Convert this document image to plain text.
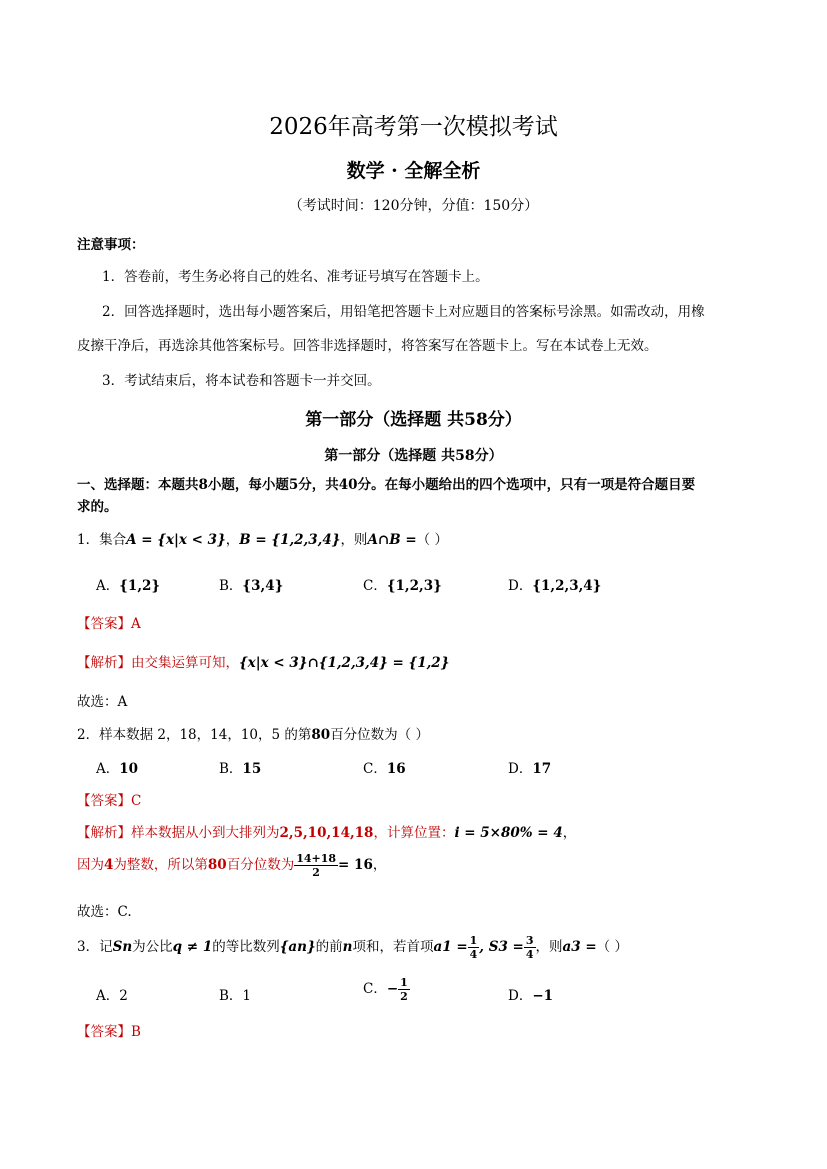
2026年高考第一次模拟考试
数学 · 全解全析
（考试时间：120分钟，分值：150分）
注意事项：
1．答卷前，考生务必将自己的姓名、准考证号填写在答题卡上。
2．回答选择题时，选出每小题答案后，用铅笔把答题卡上对应题目的答案标号涂黑。如需改动，用橡
皮擦干净后，再选涂其他答案标号。回答非选择题时，将答案写在答题卡上。写在本试卷上无效。
3．考试结束后，将本试卷和答题卡一并交回。
第一部分（选择题 共58分）
第一部分（选择题 共58分）
一、选择题：本题共8小题，每小题5分，共40分。在每小题给出的四个选项中，只有一项是符合题目要
求的。
1．集合A = {x|x < 3}，B = {1,2,3,4}，则A∩B =（ ）
A．{1,2}	B．{3,4}	C．{1,2,3}	D．{1,2,3,4}
【答案】A
【解析】由交集运算可知，{x|x < 3}∩{1,2,3,4} = {1,2}
故选：A
2．样本数据 2，18，14，10，5 的第80百分位数为（ ）
A．10	B．15	C．16	D．17
【答案】C
【解析】样本数据从小到大排列为2,5,10,14,18，计算位置：i = 5×80% = 4，
因为4为整数，所以第80百分位数为 $\frac{14+18}{2} = 16$，
故选：C.
3．记Sn为公比q ≠ 1的等比数列{an}的前n项和，若首项$a1 = \frac{1}{4}$ , $S3 = \frac{3}{4}$ ，则a3 =（ ）
A．2	B．1	C．− $\frac{1}{2}$	D．−1
【答案】B
